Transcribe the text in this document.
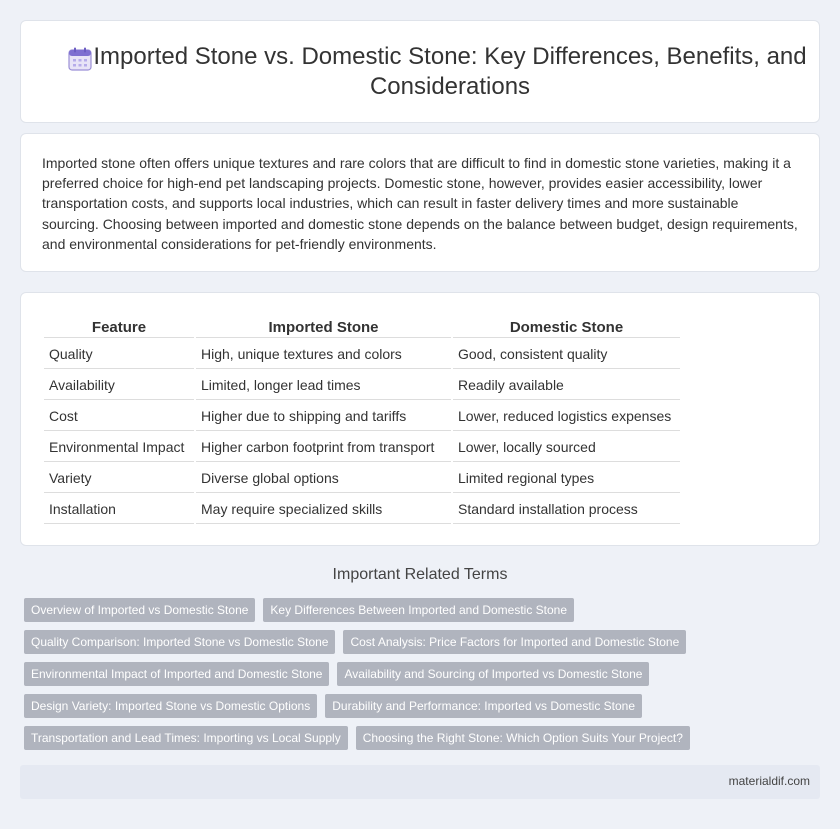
Imported Stone vs. Domestic Stone: Key Differences, Benefits, and Considerations

Imported stone often offers unique textures and rare colors that are difficult to find in domestic stone varieties, making it a preferred choice for high-end pet landscaping projects. Domestic stone, however, provides easier accessibility, lower transportation costs, and supports local industries, which can result in faster delivery times and more sustainable sourcing. Choosing between imported and domestic stone depends on the balance between budget, design requirements, and environmental considerations for pet-friendly environments.

Feature	Imported Stone	Domestic Stone
Quality	High, unique textures and colors	Good, consistent quality
Availability	Limited, longer lead times	Readily available
Cost	Higher due to shipping and tariffs	Lower, reduced logistics expenses
Environmental Impact	Higher carbon footprint from transport	Lower, locally sourced
Variety	Diverse global options	Limited regional types
Installation	May require specialized skills	Standard installation process
Important Related Terms
Overview of Imported vs Domestic Stone	Key Differences Between Imported and Domestic Stone
Quality Comparison: Imported Stone vs Domestic Stone	Cost Analysis: Price Factors for Imported and Domestic Stone
Environmental Impact of Imported and Domestic Stone	Availability and Sourcing of Imported vs Domestic Stone
Design Variety: Imported Stone vs Domestic Options	Durability and Performance: Imported vs Domestic Stone
Transportation and Lead Times: Importing vs Local Supply	Choosing the Right Stone: Which Option Suits Your Project?
materialdif.com
